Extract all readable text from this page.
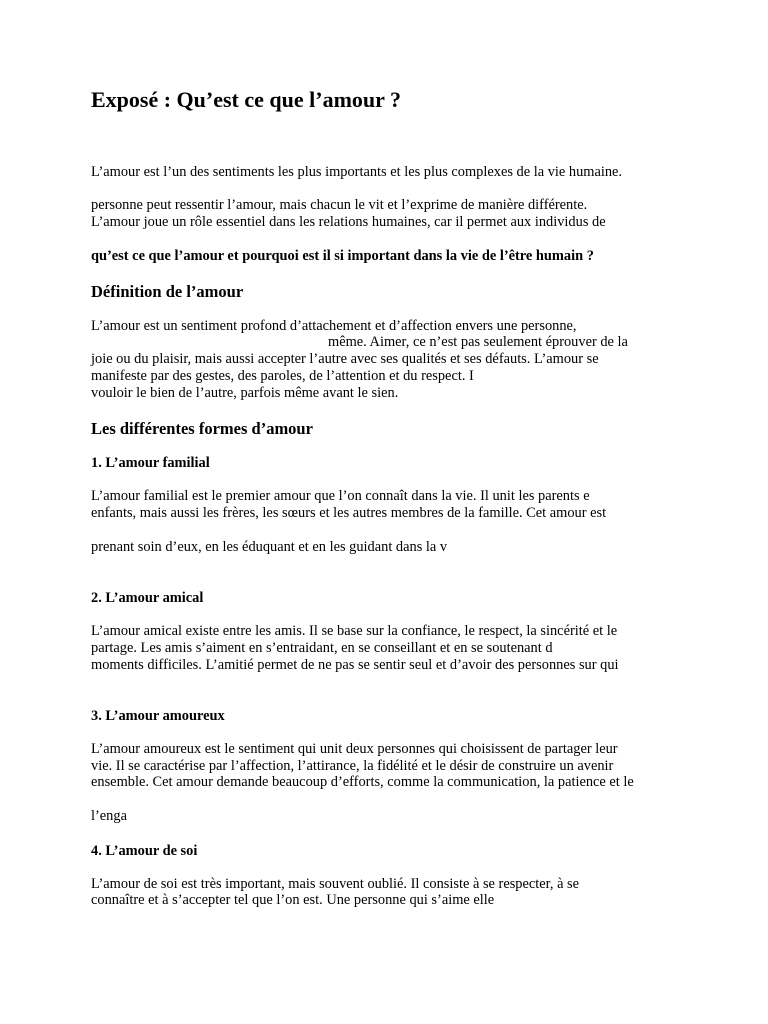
Exposé : Qu’est ce que l’amour ?
L’amour est l’un des sentiments les plus importants et les plus complexes de la vie humaine.
personne peut ressentir l’amour, mais chacun le vit et l’exprime de manière différente.
L’amour joue un rôle essentiel dans les relations humaines, car il permet aux individus de
qu’est ce que l’amour et pourquoi est il si important dans la vie de l’être humain ?
Définition de l’amour
L’amour est un sentiment profond d’attachement et d’affection envers une personne,
même. Aimer, ce n’est pas seulement éprouver de la
joie ou du plaisir, mais aussi accepter l’autre avec ses qualités et ses défauts. L’amour se
manifeste par des gestes, des paroles, de l’attention et du respect. I
vouloir le bien de l’autre, parfois même avant le sien.
Les différentes formes d’amour
1. L’amour familial
L’amour familial est le premier amour que l’on connaît dans la vie. Il unit les parents e
enfants, mais aussi les frères, les sœurs et les autres membres de la famille. Cet amour est
prenant soin d’eux, en les éduquant et en les guidant dans la v
2. L’amour amical
L’amour amical existe entre les amis. Il se base sur la confiance, le respect, la sincérité et le
partage. Les amis s’aiment en s’entraidant, en se conseillant et en se soutenant d
moments difficiles. L’amitié permet de ne pas se sentir seul et d’avoir des personnes sur qui
3. L’amour amoureux
L’amour amoureux est le sentiment qui unit deux personnes qui choisissent de partager leur
vie. Il se caractérise par l’affection, l’attirance, la fidélité et le désir de construire un avenir
ensemble. Cet amour demande beaucoup d’efforts, comme la communication, la patience et le
l’enga
4. L’amour de soi
L’amour de soi est très important, mais souvent oublié. Il consiste à se respecter, à se
connaître et à s’accepter tel que l’on est. Une personne qui s’aime elle
